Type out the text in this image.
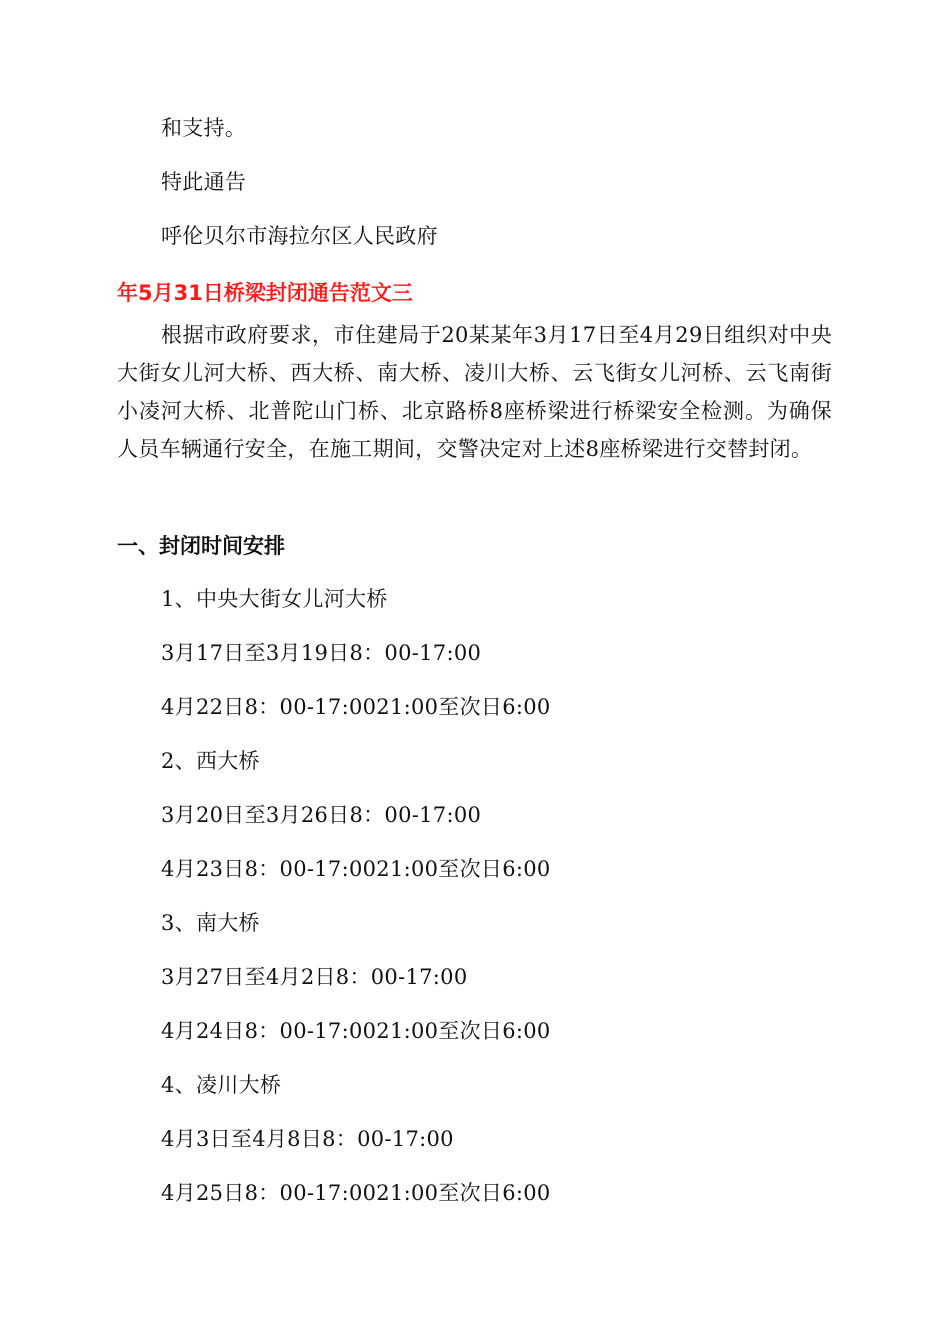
和支持。
特此通告
呼伦贝尔市海拉尔区人民政府
年5月31日桥梁封闭通告范文三
根据市政府要求，市住建局于20某某年3月17日至4月29日组织对中央大街女儿河大桥、西大桥、南大桥、凌川大桥、云飞街女儿河桥、云飞南街小凌河大桥、北普陀山门桥、北京路桥8座桥梁进行桥梁安全检测。为确保人员车辆通行安全，在施工期间，交警决定对上述8座桥梁进行交替封闭。
一、封闭时间安排
1、中央大街女儿河大桥
3月17日至3月19日8：00-17:00
4月22日8：00-17:0021:00至次日6:00
2、西大桥
3月20日至3月26日8：00-17:00
4月23日8：00-17:0021:00至次日6:00
3、南大桥
3月27日至4月2日8：00-17:00
4月24日8：00-17:0021:00至次日6:00
4、凌川大桥
4月3日至4月8日8：00-17:00
4月25日8：00-17:0021:00至次日6:00
